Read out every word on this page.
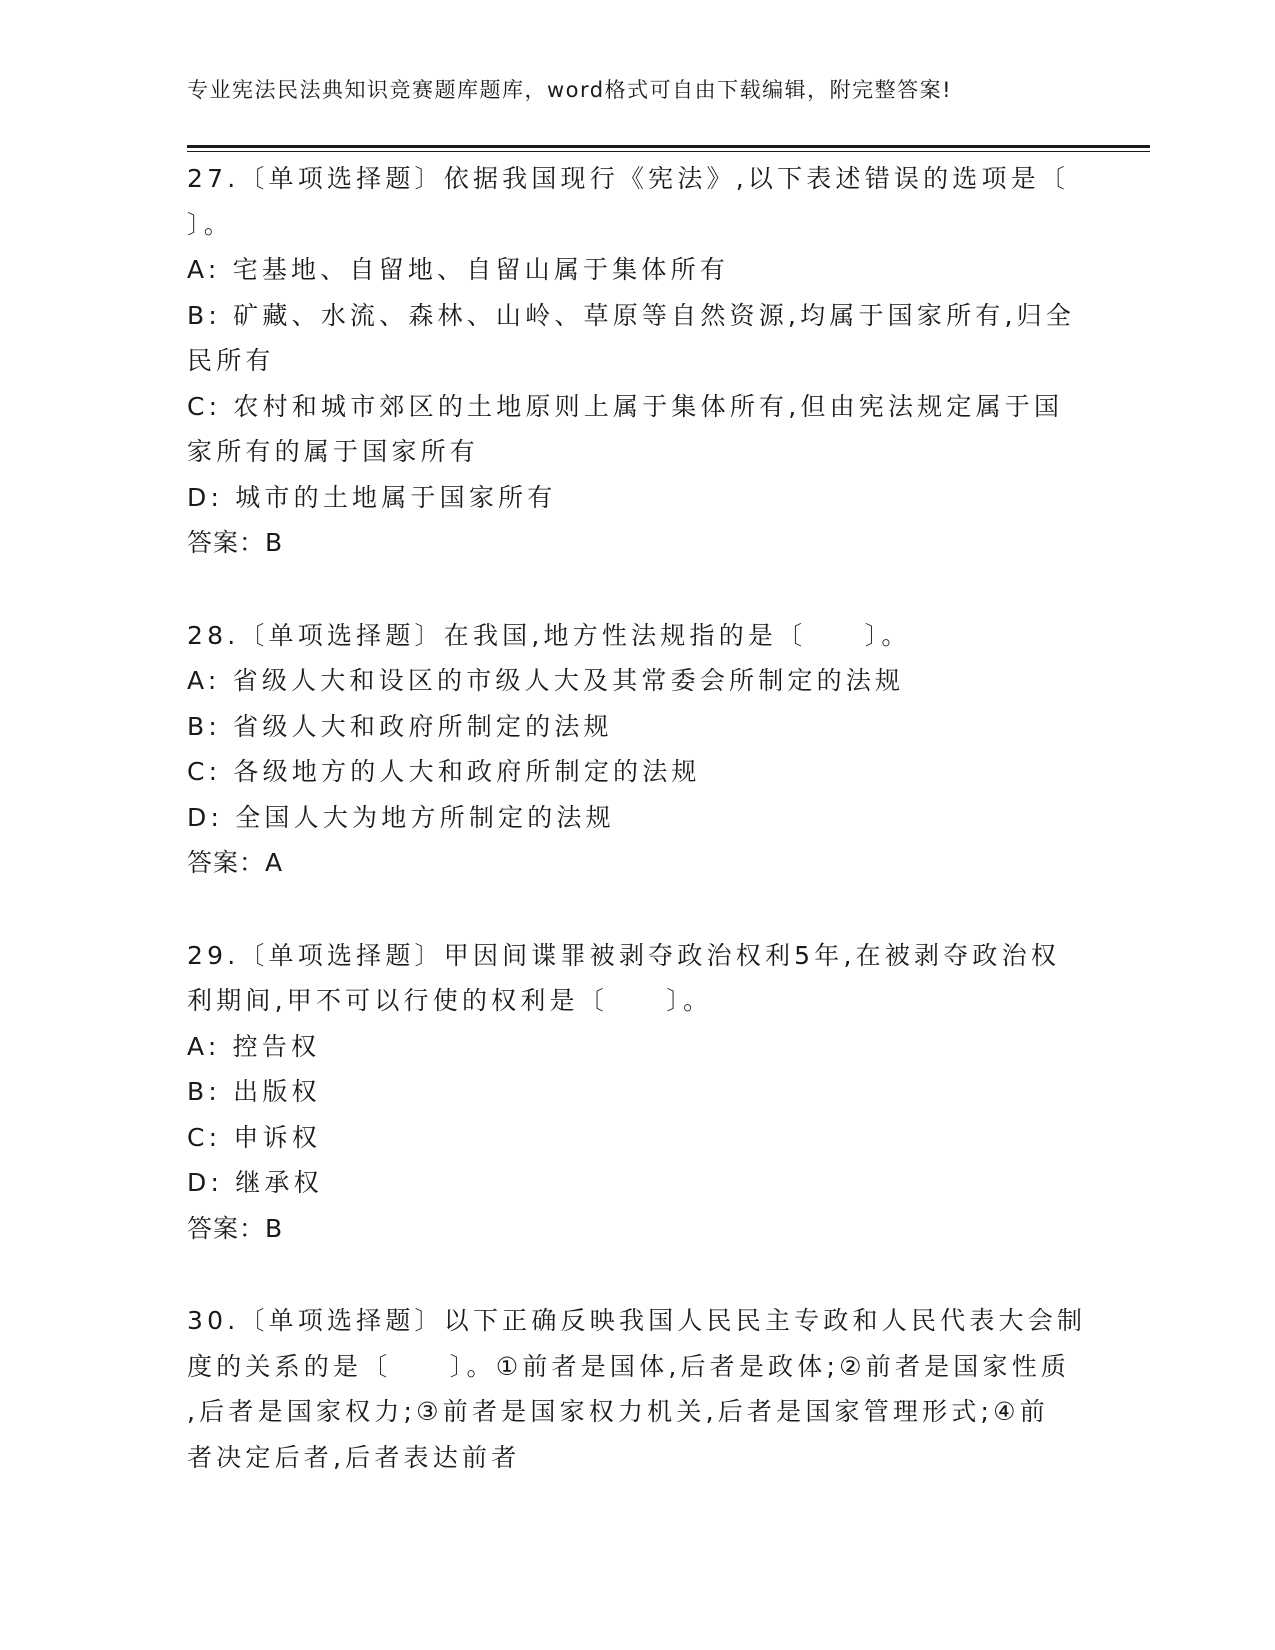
专业宪法民法典知识竞赛题库题库，word格式可自由下载编辑，附完整答案!
27.〔单项选择题〕依据我国现行《宪法》,以下表述错误的选项是〔
〕。
A: 宅基地、自留地、自留山属于集体所有
B: 矿藏、水流、森林、山岭、草原等自然资源,均属于国家所有,归全
民所有
C: 农村和城市郊区的土地原则上属于集体所有,但由宪法规定属于国
家所有的属于国家所有
D: 城市的土地属于国家所有
答案：B
28.〔单项选择题〕在我国,地方性法规指的是〔　　〕。
A: 省级人大和设区的市级人大及其常委会所制定的法规
B: 省级人大和政府所制定的法规
C: 各级地方的人大和政府所制定的法规
D: 全国人大为地方所制定的法规
答案：A
29.〔单项选择题〕甲因间谍罪被剥夺政治权利5年,在被剥夺政治权
利期间,甲不可以行使的权利是〔　　〕。
A: 控告权
B: 出版权
C: 申诉权
D: 继承权
答案：B
30.〔单项选择题〕以下正确反映我国人民民主专政和人民代表大会制
度的关系的是〔　　〕。①前者是国体,后者是政体;②前者是国家性质
,后者是国家权力;③前者是国家权力机关,后者是国家管理形式;④前
者决定后者,后者表达前者
